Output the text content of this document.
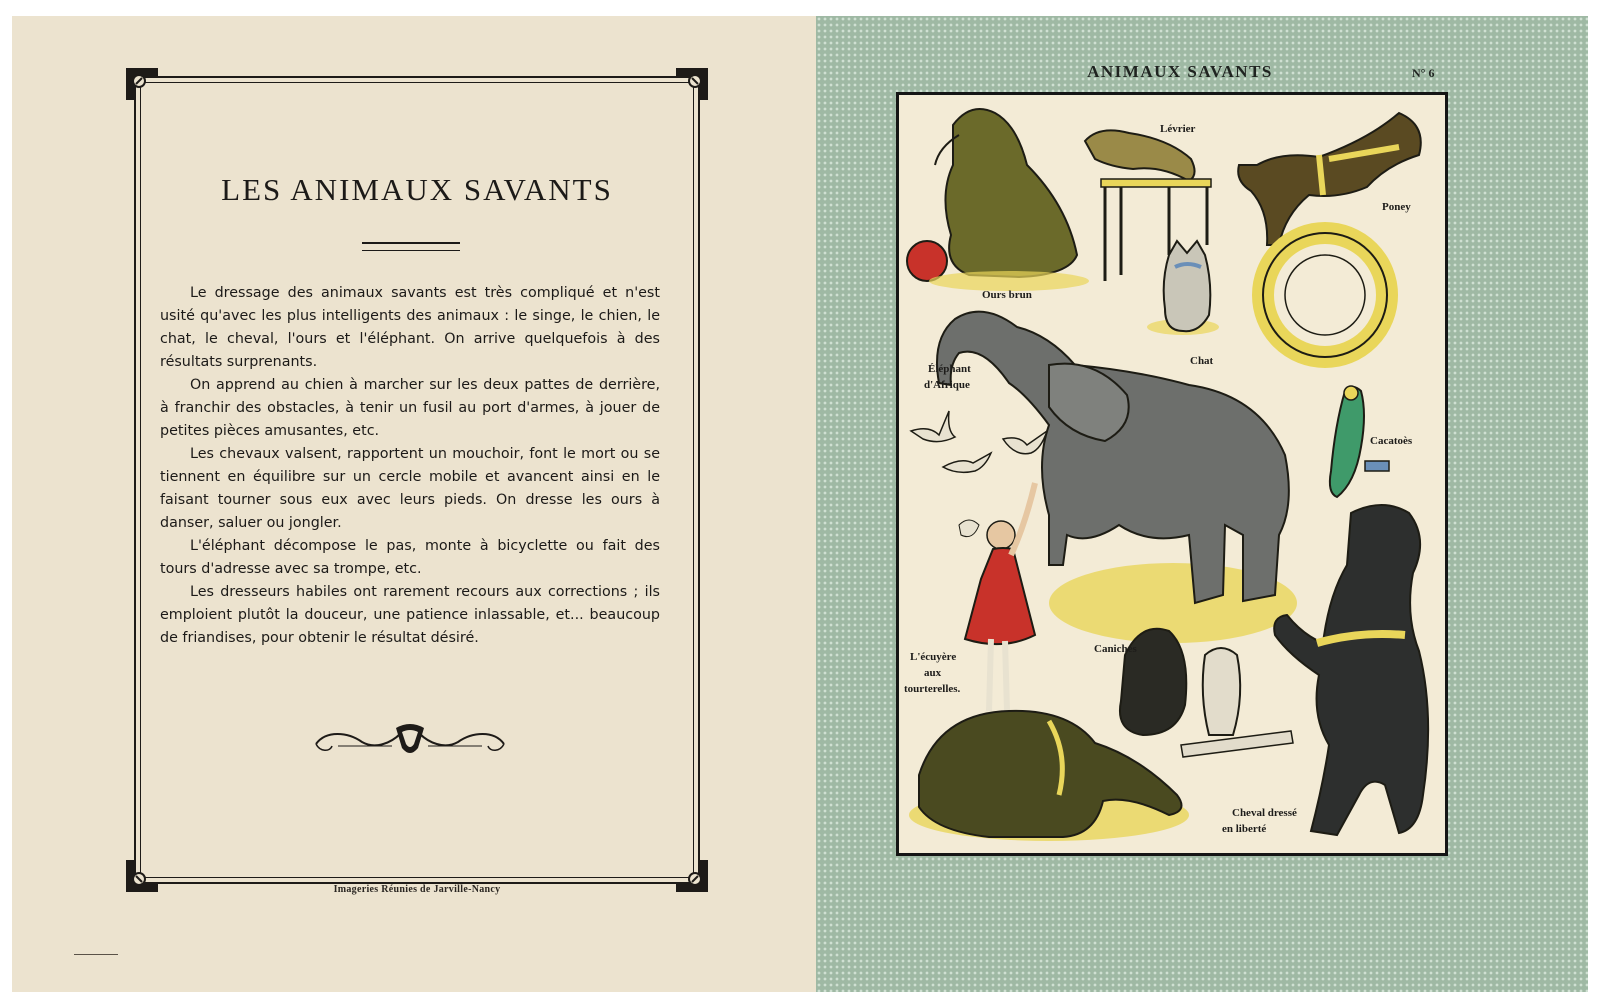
LES ANIMAUX SAVANTS

Le dressage des animaux savants est très compliqué et n'est usité qu'avec les plus intelligents des animaux : le singe, le chien, le chat, le cheval, l'ours et l'éléphant. On arrive quelquefois à des résultats surprenants.

On apprend au chien à marcher sur les deux pattes de derrière, à franchir des obstacles, à tenir un fusil au port d'armes, à jouer de petites pièces amusantes, etc.

Les chevaux valsent, rapportent un mouchoir, font le mort ou se tiennent en équilibre sur un cercle mobile et avancent ainsi en le faisant tourner sous eux avec leurs pieds. On dresse les ours à danser, saluer ou jongler.

L'éléphant décompose le pas, monte à bicyclette ou fait des tours d'adresse avec sa trompe, etc.

Les dresseurs habiles ont rarement recours aux corrections ; ils emploient plutôt la douceur, une patience inlassable, et... beaucoup de friandises, pour obtenir le résultat désiré.

Imageries Réunies de Jarville-Nancy
ANIMAUX SAVANTS	N° 6
Ours brun
Lévrier
Poney
Chat
Éléphant
d'Afrique
Cacatoès
Caniches
L'écuyère
aux
tourterelles.
Cheval dressé
en liberté
